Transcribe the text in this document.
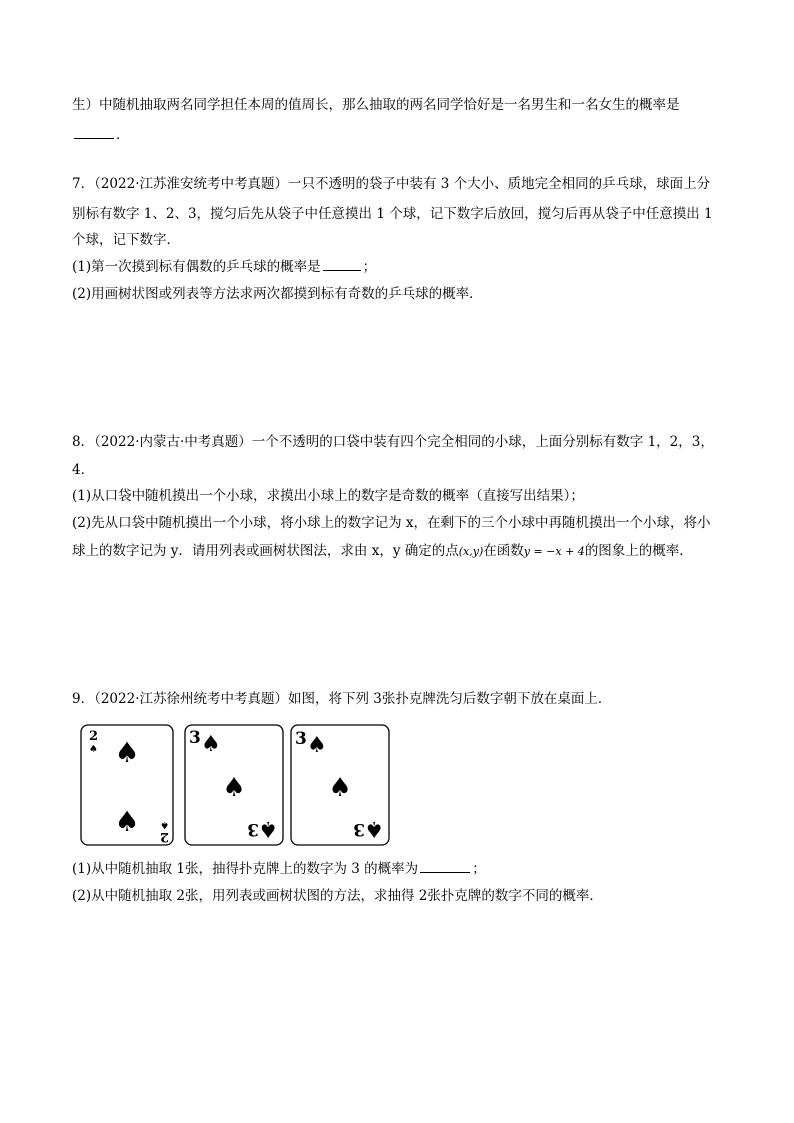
生）中随机抽取两名同学担任本周的值周长，那么抽取的两名同学恰好是一名男生和一名女生的概率是
．
7．（2022·江苏淮安统考中考真题）一只不透明的袋子中装有 3 个大小、质地完全相同的乒乓球，球面上分
别标有数字 1、2、3，搅匀后先从袋子中任意摸出 1 个球，记下数字后放回，搅匀后再从袋子中任意摸出 1
个球，记下数字．
(1)第一次摸到标有偶数的乒乓球的概率是	；
(2)用画树状图或列表等方法求两次都摸到标有奇数的乒乓球的概率．
8．（2022·内蒙古·中考真题）一个不透明的口袋中装有四个完全相同的小球，上面分别标有数字 1，2，3，
4．
(1)从口袋中随机摸出一个小球，求摸出小球上的数字是奇数的概率（直接写出结果）；
(2)先从口袋中随机摸出一个小球，将小球上的数字记为 x，在剩下的三个小球中再随机摸出一个小球，将小
球上的数字记为 y．请用列表或画树状图法，求由 x，y 确定的点(x,y)在函数y = −x + 4的图象上的概率．
9．（2022·江苏徐州统考中考真题）如图，将下列 3张扑克牌洗匀后数字朝下放在桌面上．
2
♠ ♠
♠ 2
♠
3 ♠
♠
♠
3
3 ♠
♠
♠
3
(1)从中随机抽取 1张，抽得扑克牌上的数字为 3 的概率为	；
(2)从中随机抽取 2张，用列表或画树状图的方法，求抽得 2张扑克牌的数字不同的概率．
